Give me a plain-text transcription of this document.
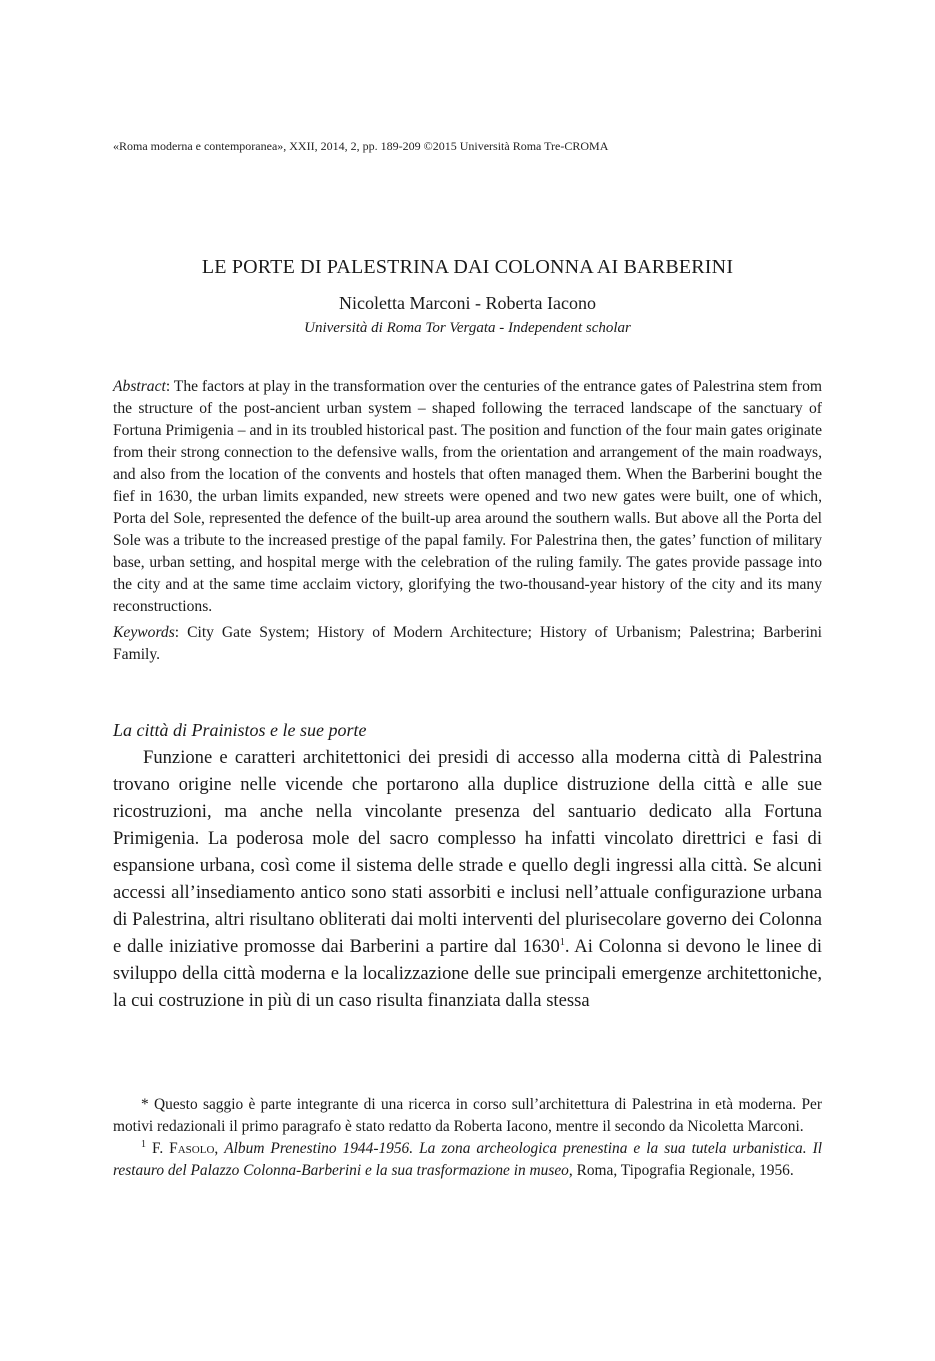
«Roma moderna e contemporanea», XXII, 2014, 2, pp. 189-209 ©2015 Università Roma Tre-CROMA
LE PORTE DI PALESTRINA DAI COLONNA AI BARBERINI
Nicoletta Marconi - Roberta Iacono
Università di Roma Tor Vergata - Independent scholar

Abstract: The factors at play in the transformation over the centuries of the entrance gates of Palestrina stem from the structure of the post-ancient urban system – shaped following the terraced landscape of the sanctuary of Fortuna Primigenia – and in its troubled historical past. The position and function of the four main gates originate from their strong connection to the defensive walls, from the orientation and arrangement of the main roadways, and also from the location of the convents and hostels that often managed them. When the Barberini bought the fief in 1630, the urban limits expanded, new streets were opened and two new gates were built, one of which, Porta del Sole, represented the defence of the built-up area around the southern walls. But above all the Porta del Sole was a tribute to the increased prestige of the papal family. For Palestrina then, the gates’ function of military base, urban setting, and hospital merge with the celebration of the ruling family. The gates provide passage into the city and at the same time acclaim victory, glorifying the two-thousand-year history of the city and its many reconstructions.

Keywords: City Gate System; History of Modern Architecture; History of Urbanism; Palestrina; Barberini Family.

La città di Prainistos e le sue porte

Funzione e caratteri architettonici dei presidi di accesso alla moderna città di Palestrina trovano origine nelle vicende che portarono alla duplice distruzione della città e alle sue ricostruzioni, ma anche nella vincolante presenza del santuario dedicato alla Fortuna Primigenia. La poderosa mole del sacro complesso ha infatti vincolato direttrici e fasi di espansione urbana, così come il sistema delle strade e quello degli ingressi alla città. Se alcuni accessi all’insediamento antico sono stati assorbiti e inclusi nell’attuale configurazione urbana di Palestrina, altri risultano obliterati dai molti interventi del plurisecolare governo dei Colonna e dalle iniziative promosse dai Barberini a partire dal 1630$^1$. Ai Colonna si devono le linee di sviluppo della città moderna e la localizzazione delle sue principali emergenze architettoniche, la cui costruzione in più di un caso risulta finanziata dalla stessa

* Questo saggio è parte integrante di una ricerca in corso sull’architettura di Palestrina in età moderna. Per motivi redazionali il primo paragrafo è stato redatto da Roberta Iacono, mentre il secondo da Nicoletta Marconi.

$^1$ F. Fasolo, Album Prenestino 1944-1956. La zona archeologica prenestina e la sua tutela urbanistica. Il restauro del Palazzo Colonna-Barberini e la sua trasformazione in museo, Roma, Tipografia Regionale, 1956.
